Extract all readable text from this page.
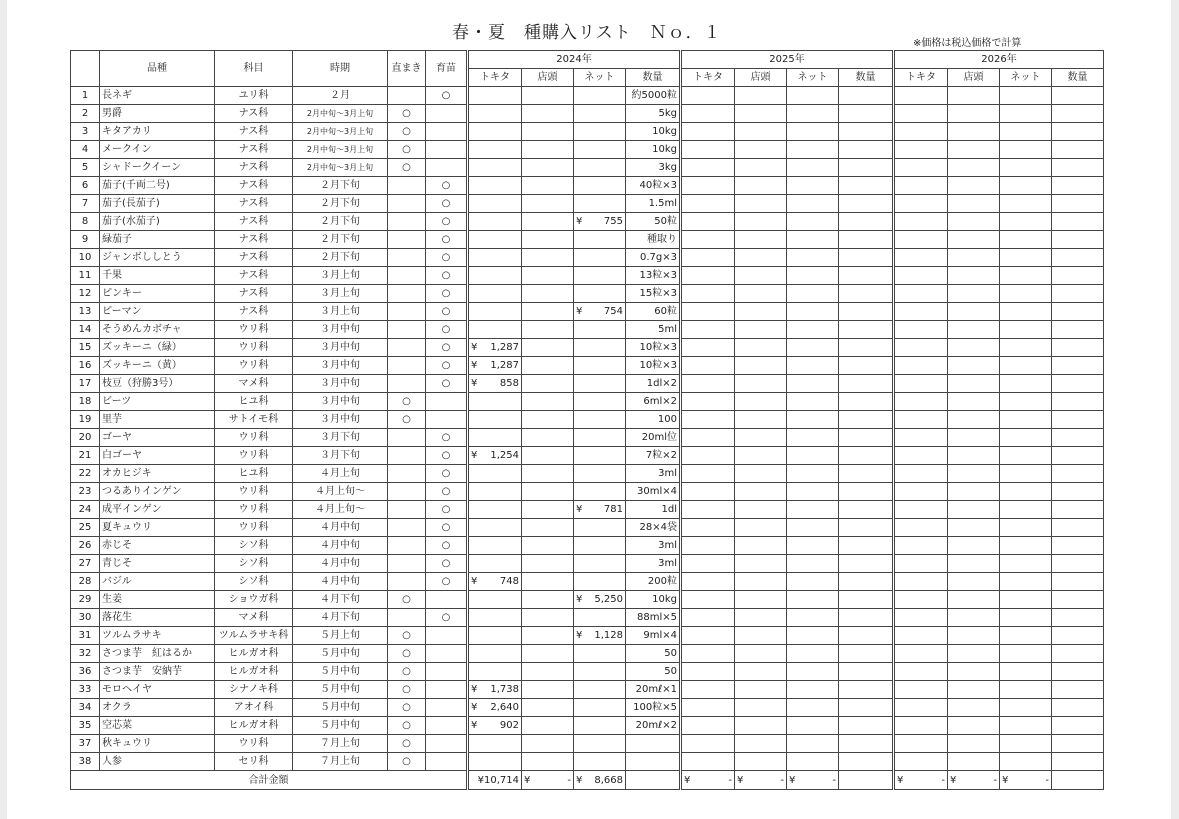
春・夏　種購入リスト　Ｎｏ．１
※価格は税込価格で計算
	品種	科目	時期	直まき	育苗	2024年				2025年				2026年			
						トキタ	店頭	ネット	数量	トキタ	店頭	ネット	数量	トキタ	店頭	ネット	数量
1	長ネギ	ユリ科	２月		○				約5000粒								
2	男爵	ナス科	2月中旬～3月上旬	○					5kg								
3	キタアカリ	ナス科	2月中旬～3月上旬	○					10kg								
4	メークイン	ナス科	2月中旬～3月上旬	○					10kg								
5	シャドークイーン	ナス科	2月中旬～3月上旬	○					3kg								
6	茄子(千両二号)	ナス科	２月下旬		○				40粒×3								
7	茄子(長茄子)	ナス科	２月下旬		○				1.5ml								
8	茄子(水茄子)	ナス科	２月下旬		○			¥ 755	50粒								
9	緑茄子	ナス科	２月下旬		○				種取り								
10	ジャンボししとう	ナス科	２月下旬		○				0.7g×3								
11	千果	ナス科	３月上旬		○				13粒×3								
12	ピンキー	ナス科	３月上旬		○				15粒×3								
13	ピーマン	ナス科	３月上旬		○			¥ 754	60粒								
14	そうめんカボチャ	ウリ科	３月中旬		○				5ml								
15	ズッキーニ（緑）	ウリ科	３月中旬		○	¥ 1,287			10粒×3								
16	ズッキーニ（黄）	ウリ科	３月中旬		○	¥ 1,287			10粒×3								
17	枝豆（狩勝3号）	マメ科	３月中旬		○	¥ 858			1dl×2								
18	ビーツ	ヒユ科	３月中旬	○					6ml×2								
19	里芋	サトイモ科	３月中旬	○					100								
20	ゴーヤ	ウリ科	３月下旬		○				20ml位								
21	白ゴーヤ	ウリ科	３月下旬		○	¥ 1,254			7粒×2								
22	オカヒジキ	ヒユ科	４月上旬		○				3ml								
23	つるありインゲン	ウリ科	４月上旬～		○				30ml×4								
24	成平インゲン	ウリ科	４月上旬～		○			¥ 781	1dl								
25	夏キュウリ	ウリ科	４月中旬		○				28×4袋								
26	赤じそ	シソ科	４月中旬		○				3ml								
27	青じそ	シソ科	４月中旬		○				3ml								
28	バジル	シソ科	４月中旬		○	¥ 748			200粒								
29	生姜	ショウガ科	４月下旬	○				¥ 5,250	10kg								
30	落花生	マメ科	４月下旬		○				88ml×5								
31	ツルムラサキ	ツルムラサキ科	５月上旬	○				¥ 1,128	9ml×4								
32	さつま芋　紅はるか	ヒルガオ科	５月中旬	○					50								
36	さつま芋　安納芋	ヒルガオ科	５月中旬	○					50								
33	モロヘイヤ	シナノキ科	５月中旬	○		¥ 1,738			20mℓ×1								
34	オクラ	アオイ科	５月中旬	○		¥ 2,640			100粒×5								
35	空芯菜	ヒルガオ科	５月中旬	○		¥ 902			20mℓ×2								
37	秋キュウリ	ウリ科	７月上旬	○													
38	人参	セリ科	７月上旬	○													
合計金額						¥10,714	¥ -	¥ 8,668		¥ -	¥ -	¥ -		¥ -	¥ -	¥ -	
